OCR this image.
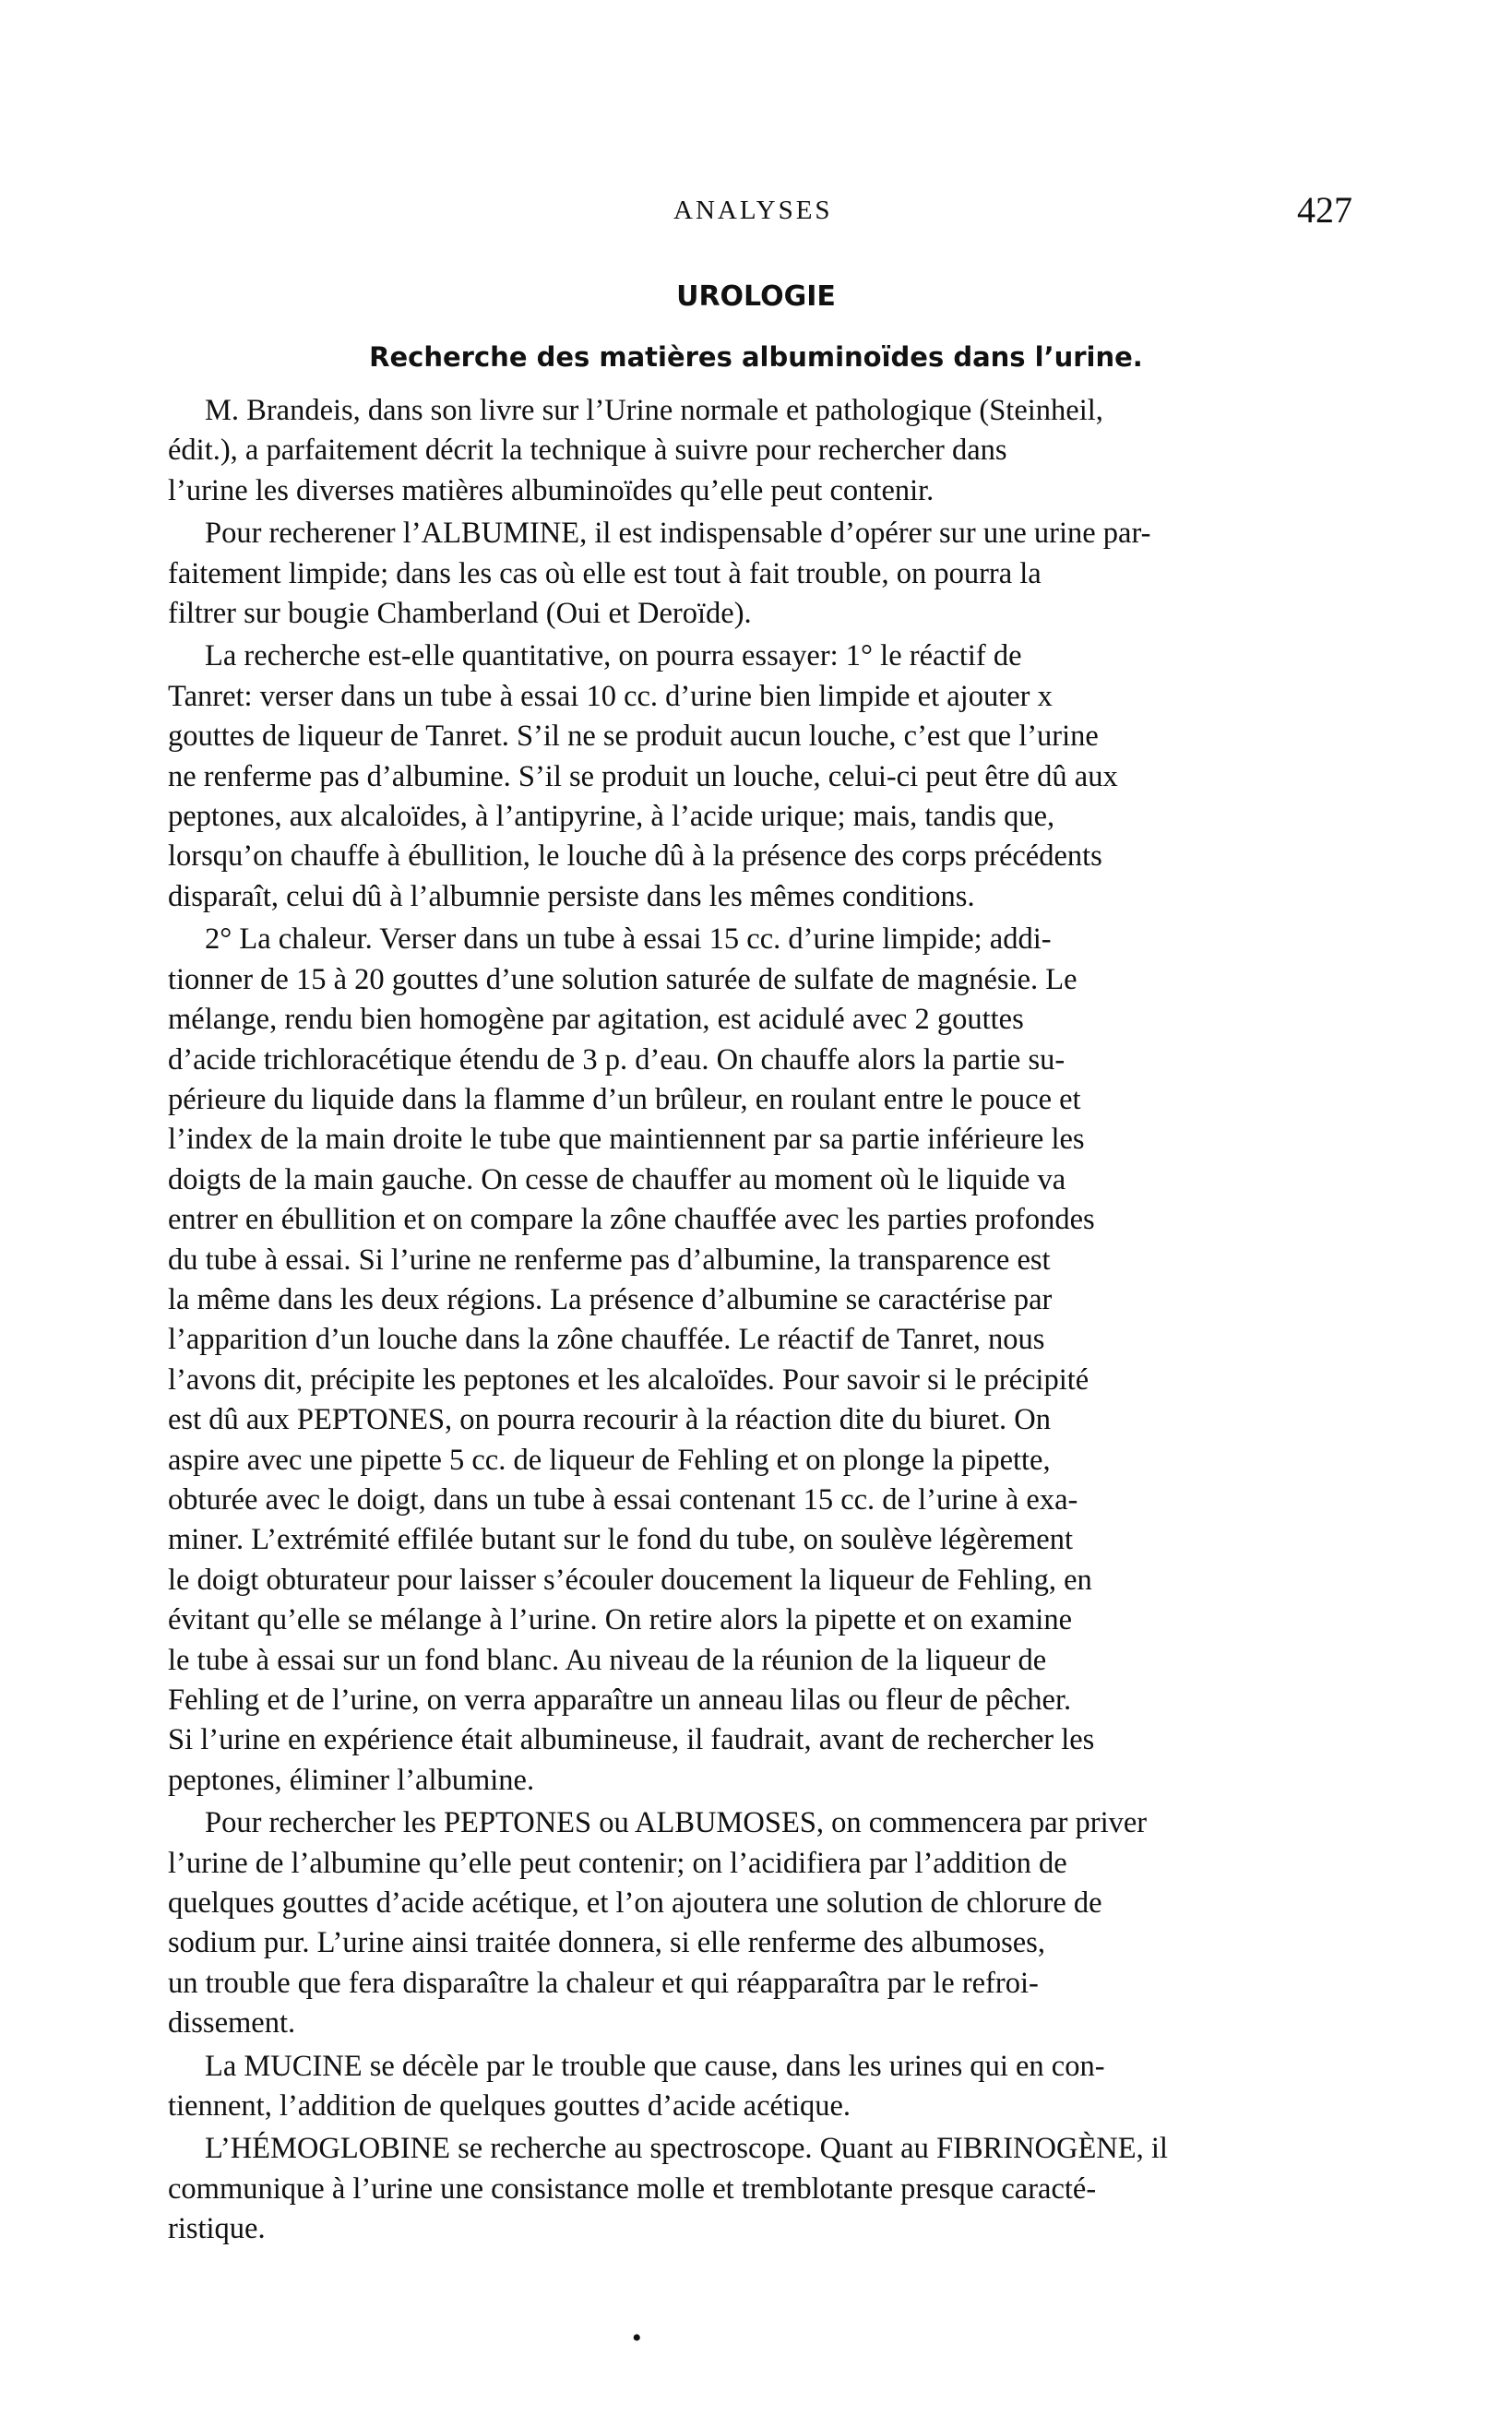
ANALYSES	427
UROLOGIE
Recherche des matières albuminoïdes dans l’urine.

M. Brandeis, dans son livre sur l’Urine normale et pathologique (Steinheil,
édit.), a parfaitement décrit la technique à suivre pour rechercher dans
l’urine les diverses matières albuminoïdes qu’elle peut contenir.

Pour recherener l’ALBUMINE, il est indispensable d’opérer sur une urine par-
faitement limpide; dans les cas où elle est tout à fait trouble, on pourra la
filtrer sur bougie Chamberland (Oui et Deroïde).

La recherche est-elle quantitative, on pourra essayer: 1° le réactif de
Tanret: verser dans un tube à essai 10 cc. d’urine bien limpide et ajouter x
gouttes de liqueur de Tanret. S’il ne se produit aucun louche, c’est que l’urine
ne renferme pas d’albumine. S’il se produit un louche, celui-ci peut être dû aux
peptones, aux alcaloïdes, à l’antipyrine, à l’acide urique; mais, tandis que,
lorsqu’on chauffe à ébullition, le louche dû à la présence des corps précédents
disparaît, celui dû à l’albumnie persiste dans les mêmes conditions.

2° La chaleur. Verser dans un tube à essai 15 cc. d’urine limpide; addi-
tionner de 15 à 20 gouttes d’une solution saturée de sulfate de magnésie. Le
mélange, rendu bien homogène par agitation, est acidulé avec 2 gouttes
d’acide trichloracétique étendu de 3 p. d’eau. On chauffe alors la partie su-
périeure du liquide dans la flamme d’un brûleur, en roulant entre le pouce et
l’index de la main droite le tube que maintiennent par sa partie inférieure les
doigts de la main gauche. On cesse de chauffer au moment où le liquide va
entrer en ébullition et on compare la zône chauffée avec les parties profondes
du tube à essai. Si l’urine ne renferme pas d’albumine, la transparence est
la même dans les deux régions. La présence d’albumine se caractérise par
l’apparition d’un louche dans la zône chauffée. Le réactif de Tanret, nous
l’avons dit, précipite les peptones et les alcaloïdes. Pour savoir si le précipité
est dû aux PEPTONES, on pourra recourir à la réaction dite du biuret. On
aspire avec une pipette 5 cc. de liqueur de Fehling et on plonge la pipette,
obturée avec le doigt, dans un tube à essai contenant 15 cc. de l’urine à exa-
miner. L’extrémité effilée butant sur le fond du tube, on soulève légèrement
le doigt obturateur pour laisser s’écouler doucement la liqueur de Fehling, en
évitant qu’elle se mélange à l’urine. On retire alors la pipette et on examine
le tube à essai sur un fond blanc. Au niveau de la réunion de la liqueur de
Fehling et de l’urine, on verra apparaître un anneau lilas ou fleur de pêcher.
Si l’urine en expérience était albumineuse, il faudrait, avant de rechercher les
peptones, éliminer l’albumine.

Pour rechercher les PEPTONES ou ALBUMOSES, on commencera par priver
l’urine de l’albumine qu’elle peut contenir; on l’acidifiera par l’addition de
quelques gouttes d’acide acétique, et l’on ajoutera une solution de chlorure de
sodium pur. L’urine ainsi traitée donnera, si elle renferme des albumoses,
un trouble que fera disparaître la chaleur et qui réapparaîtra par le refroi-
dissement.

La MUCINE se décèle par le trouble que cause, dans les urines qui en con-
tiennent, l’addition de quelques gouttes d’acide acétique.

L’HÉMOGLOBINE se recherche au spectroscope. Quant au FIBRINOGÈNE, il
communique à l’urine une consistance molle et tremblotante presque caracté-
ristique.

•
